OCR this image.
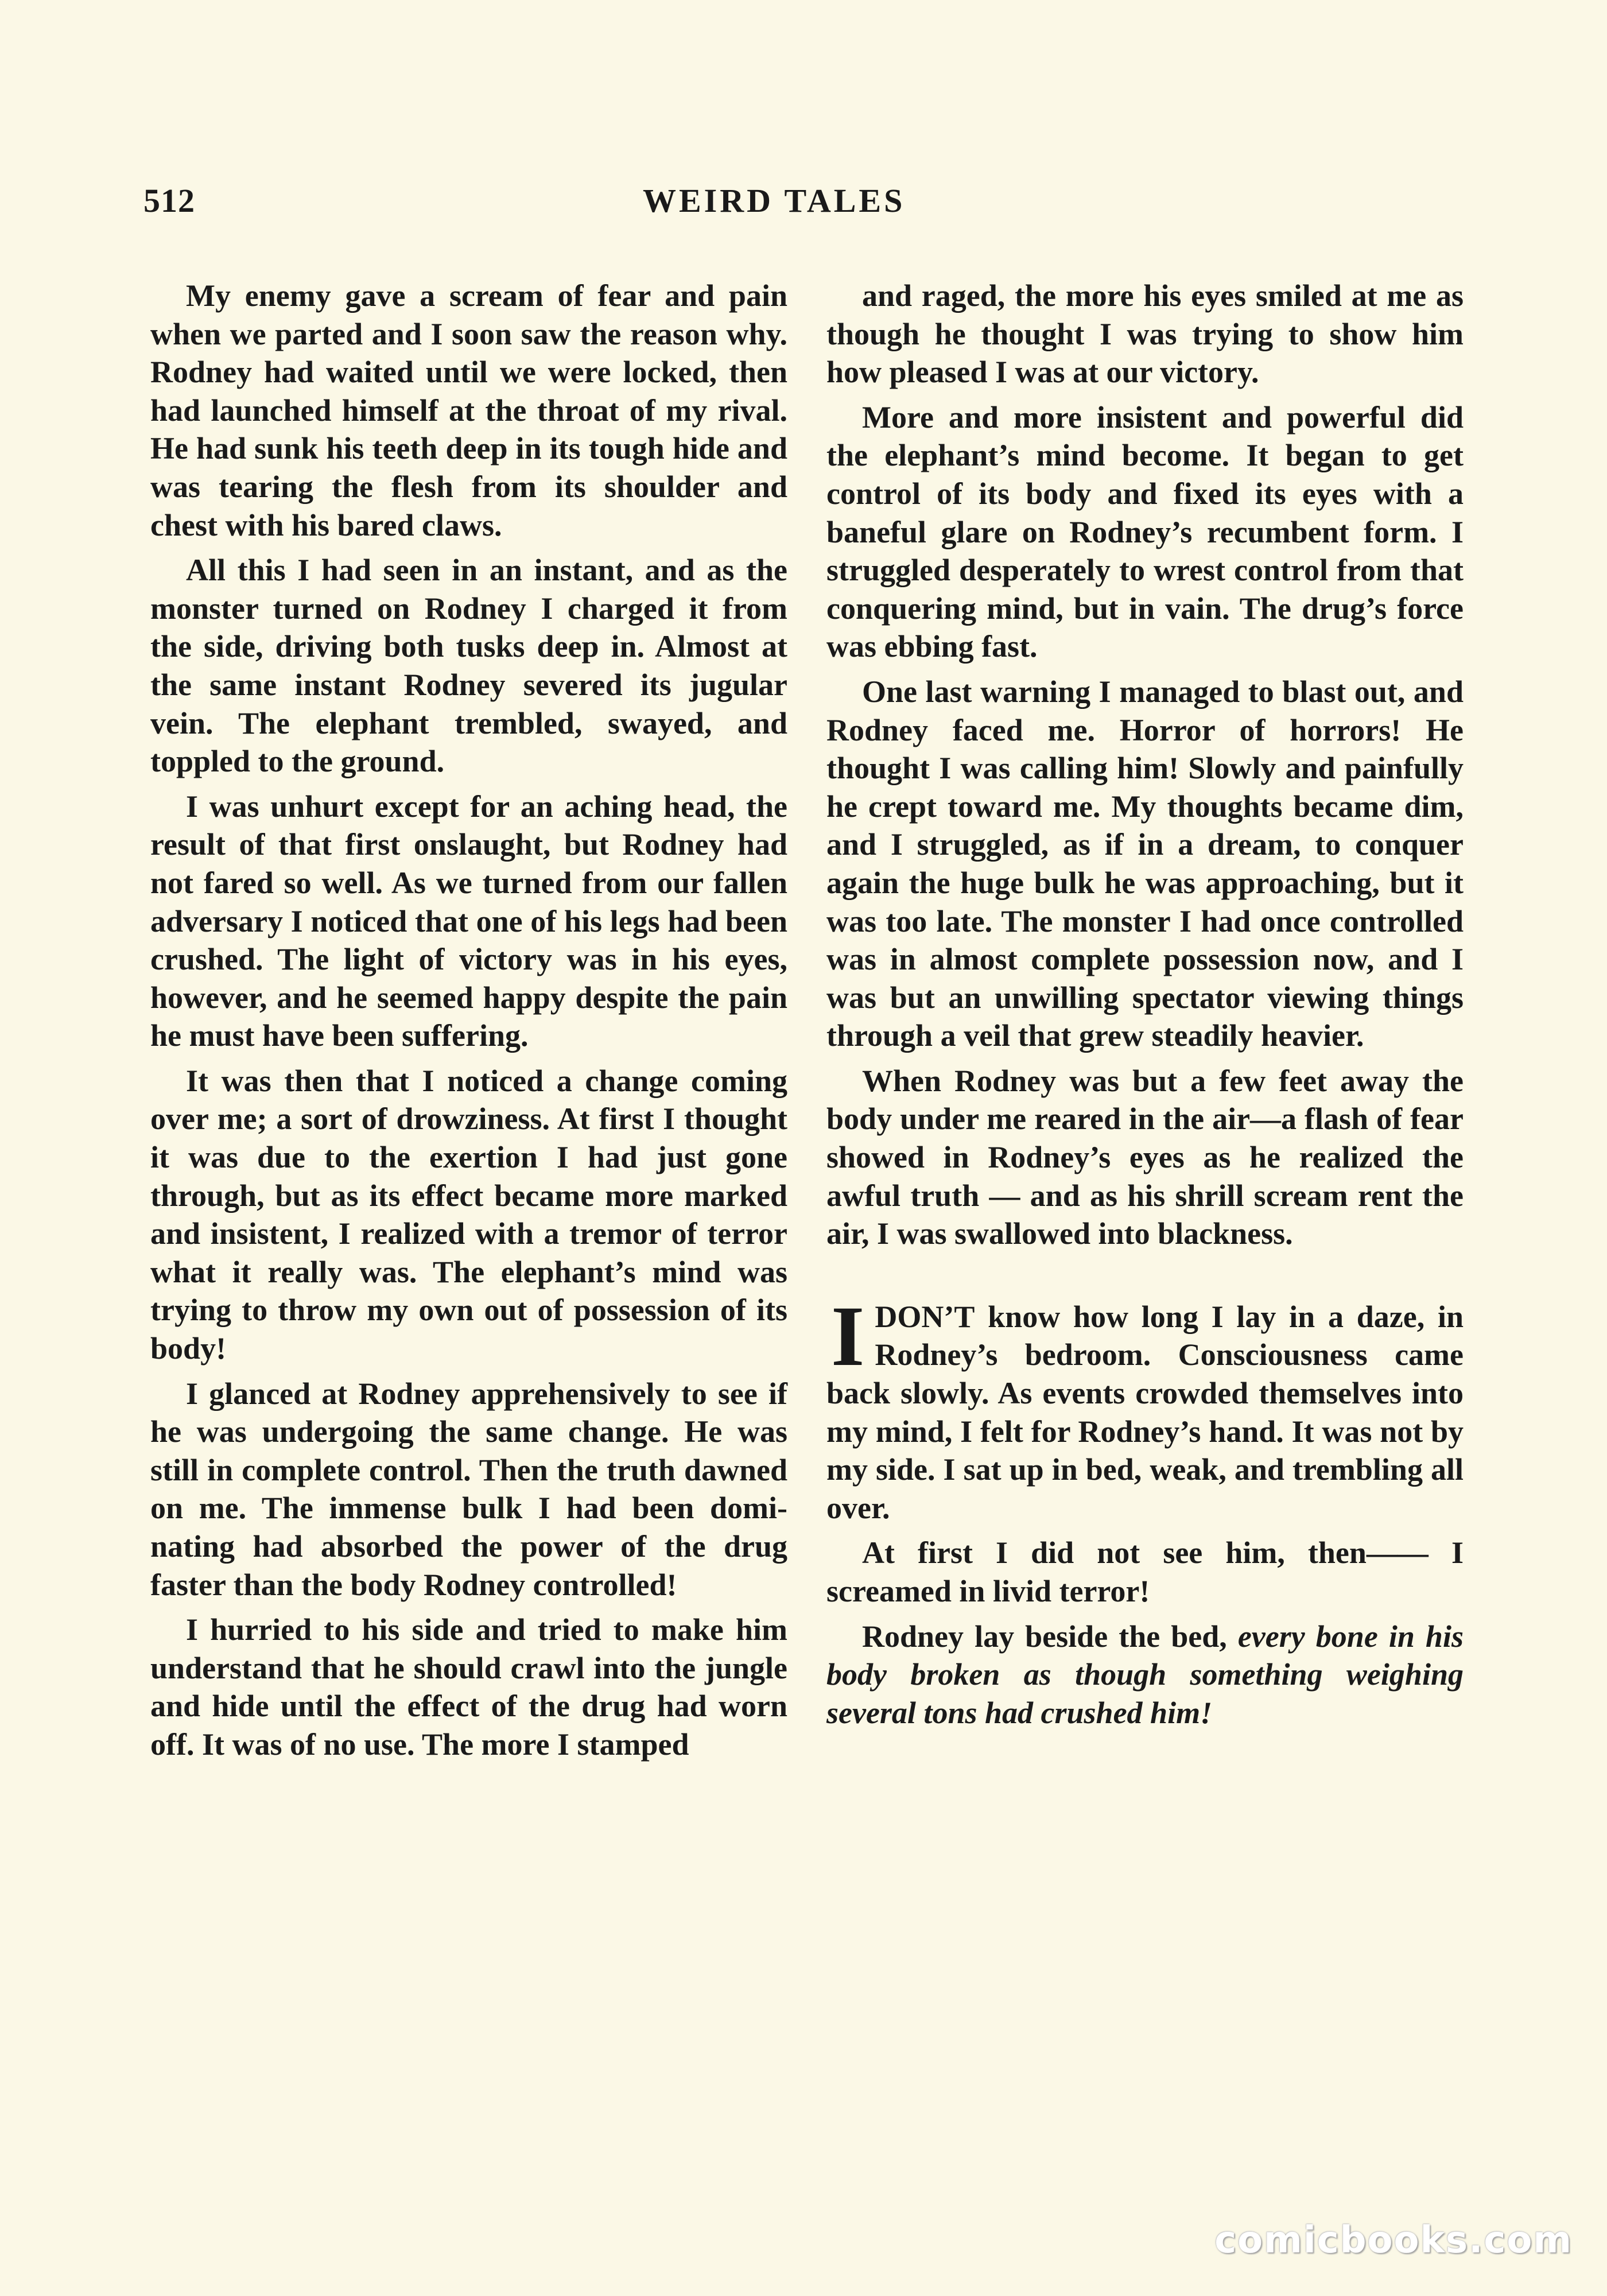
512	WEIRD TALES

My enemy gave a scream of fear and pain when we parted and I soon saw the reason why. Rodney had waited until we were locked, then had launched himself at the throat of my rival. He had sunk his teeth deep in its tough hide and was tearing the flesh from its shoulder and chest with his bared claws.

All this I had seen in an instant, and as the monster turned on Rodney I charged it from the side, driving both tusks deep in. Almost at the same instant Rodney severed its jugular vein. The elephant trembled, swayed, and toppled to the ground.

I was unhurt except for an aching head, the result of that first onslaught, but Rodney had not fared so well. As we turned from our fallen adversary I noticed that one of his legs had been crushed. The light of victory was in his eyes, however, and he seemed happy despite the pain he must have been suffering.

It was then that I noticed a change coming over me; a sort of drowziness. At first I thought it was due to the exertion I had just gone through, but as its effect became more marked and insistent, I realized with a tremor of terror what it really was. The elephant’s mind was trying to throw my own out of possession of its body!

I glanced at Rodney apprehensively to see if he was undergoing the same change. He was still in complete control. Then the truth dawned on me. The immense bulk I had been dominating had absorbed the power of the drug faster than the body Rodney controlled!

I hurried to his side and tried to make him understand that he should crawl into the jungle and hide until the effect of the drug had worn off. It was of no use. The more I stamped

and raged, the more his eyes smiled at me as though he thought I was trying to show him how pleased I was at our victory.

More and more insistent and powerful did the elephant’s mind become. It began to get control of its body and fixed its eyes with a baneful glare on Rodney’s recumbent form. I struggled desperately to wrest control from that conquering mind, but in vain. The drug’s force was ebbing fast.

One last warning I managed to blast out, and Rodney faced me. Horror of horrors! He thought I was calling him! Slowly and painfully he crept toward me. My thoughts became dim, and I struggled, as if in a dream, to conquer again the huge bulk he was approaching, but it was too late. The monster I had once controlled was in almost complete possession now, and I was but an unwilling spectator viewing things through a veil that grew steadily heavier.

When Rodney was but a few feet away the body under me reared in the air—a flash of fear showed in Rodney’s eyes as he realized the awful truth — and as his shrill scream rent the air, I was swallowed into blackness.

IDON’T know how long I lay in a daze, in Rodney’s bedroom. Consciousness came back slowly. As events crowded themselves into my mind, I felt for Rodney’s hand. It was not by my side. I sat up in bed, weak, and trembling all over.

At first I did not see him, then—— I screamed in livid terror!

Rodney lay beside the bed, every bone in his body broken as though something weighing several tons had crushed him!

comicbooks.com
